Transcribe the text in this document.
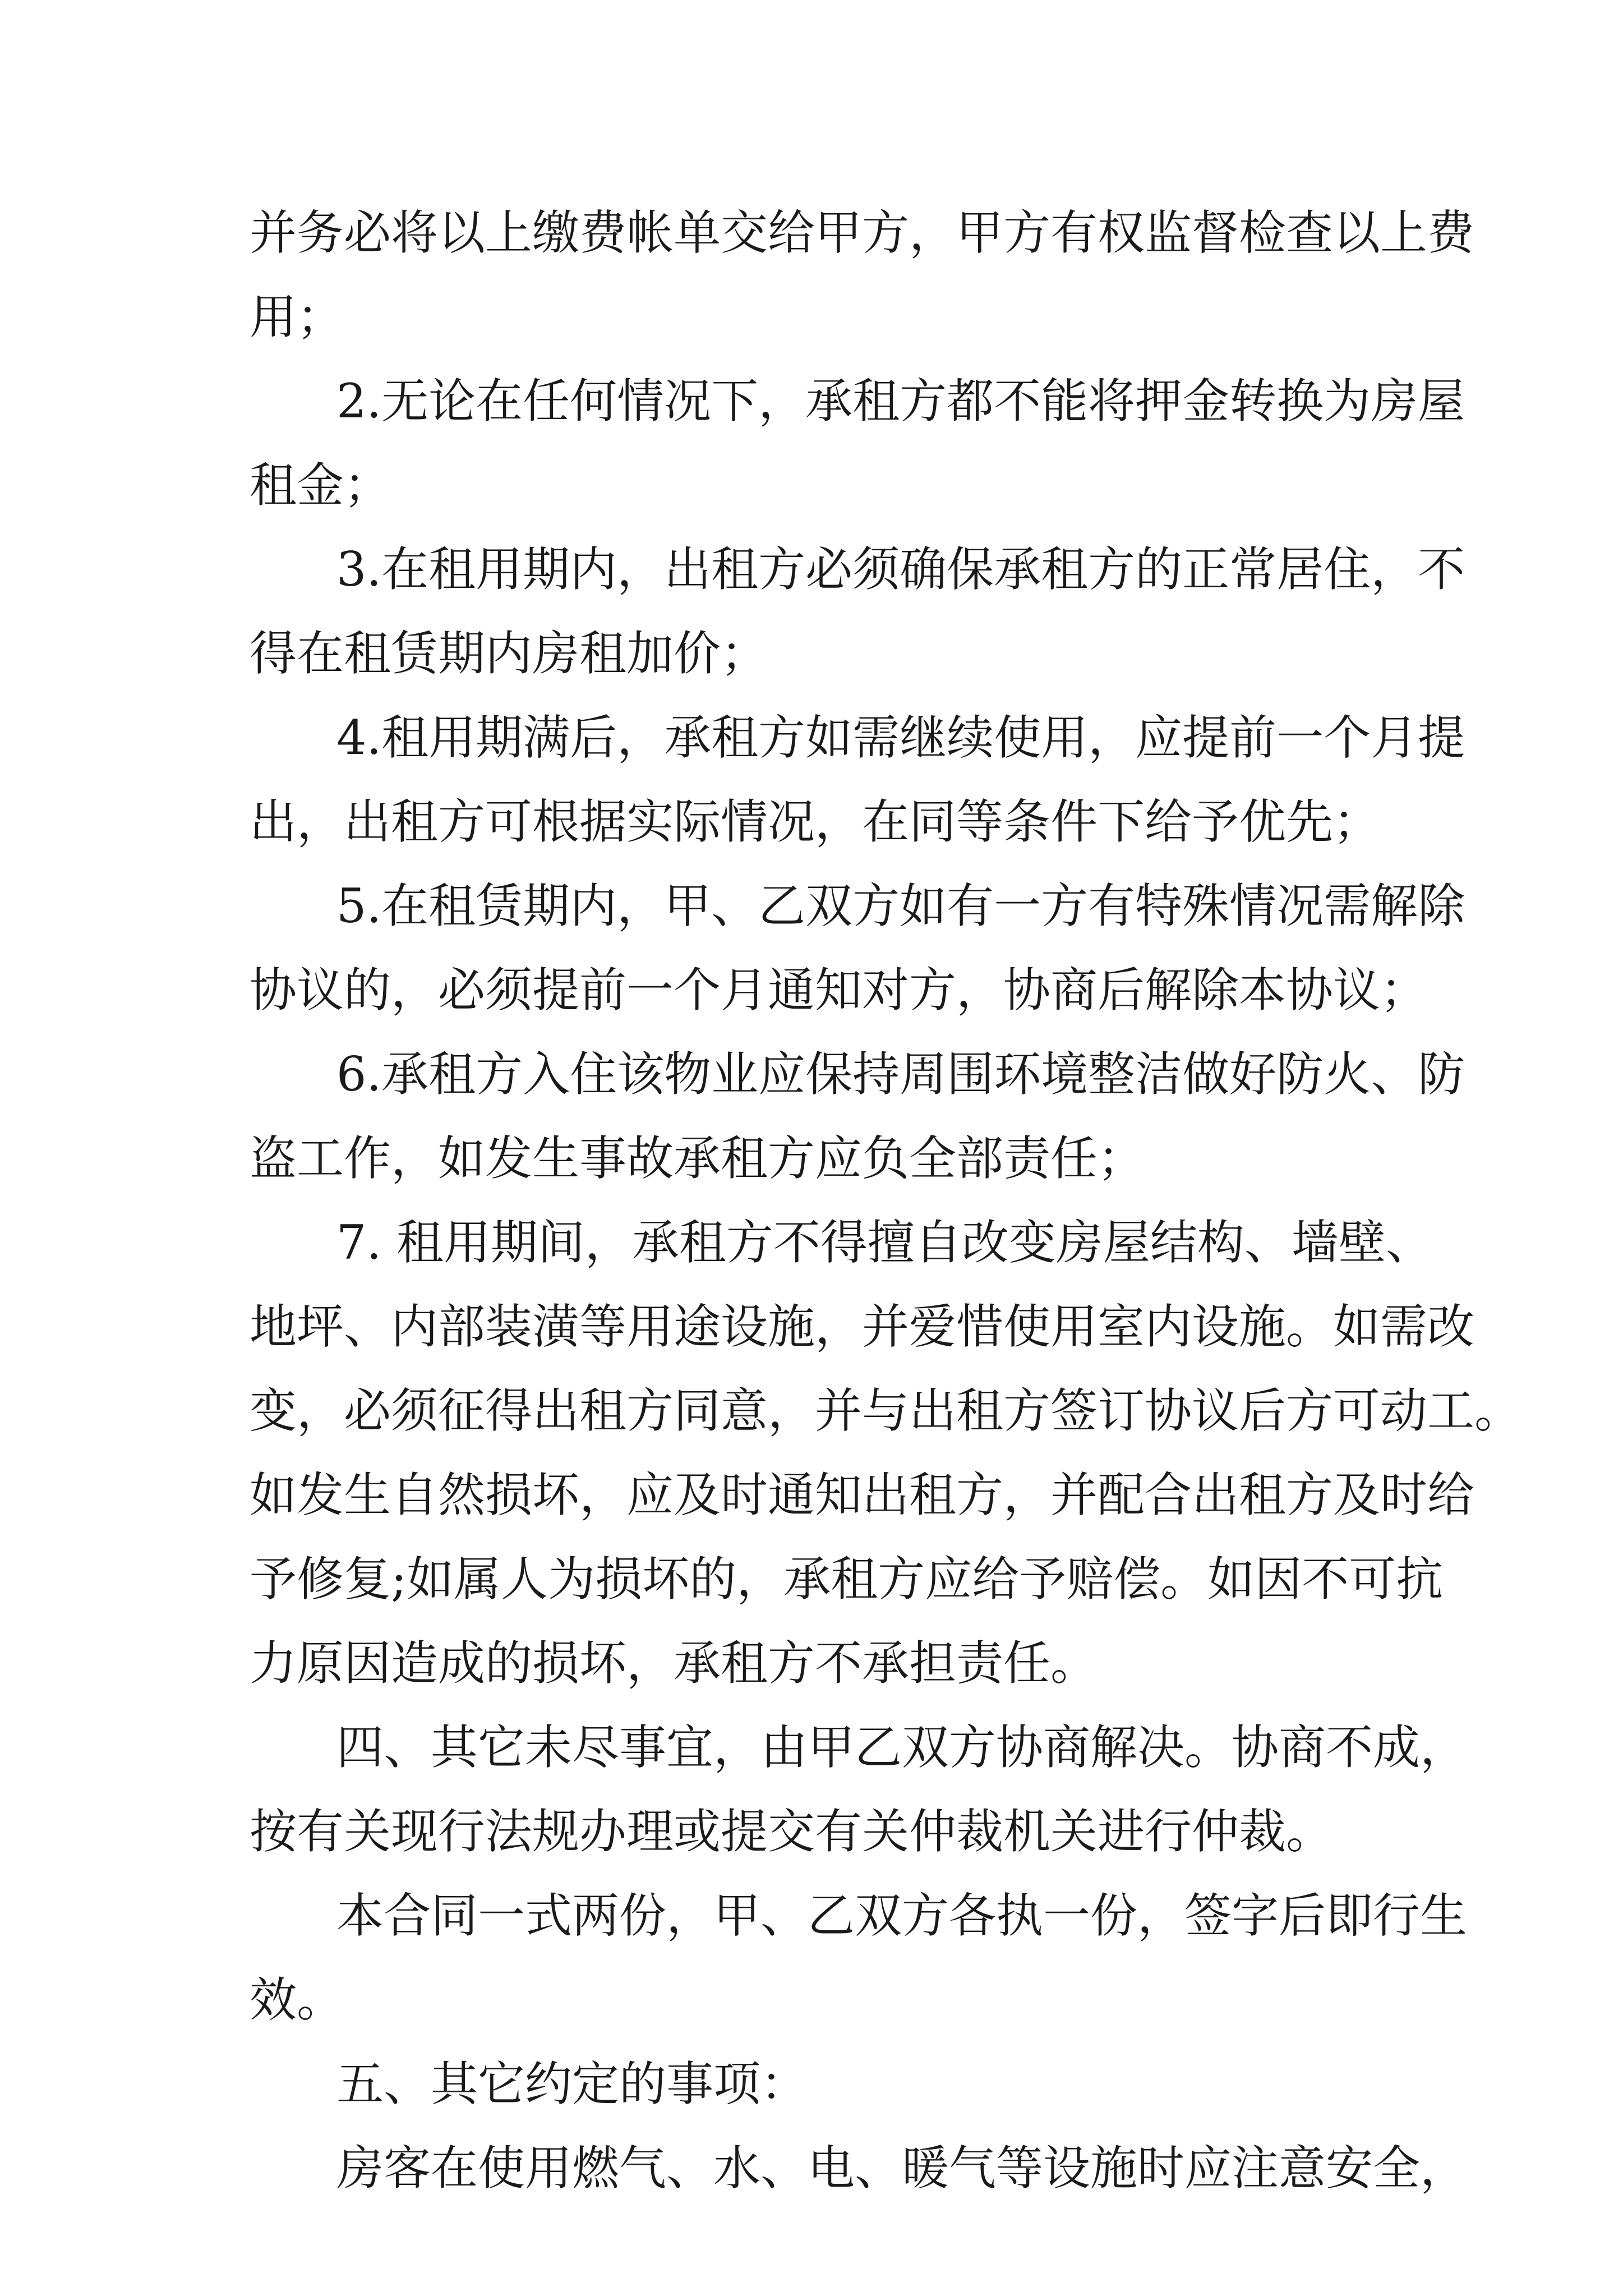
并务必将以上缴费帐单交给甲方，甲方有权监督检查以上费
用；
2.无论在任何情况下，承租方都不能将押金转换为房屋
租金；
3.在租用期内，出租方必须确保承租方的正常居住，不
得在租赁期内房租加价；
4.租用期满后，承租方如需继续使用，应提前一个月提
出，出租方可根据实际情况，在同等条件下给予优先；
5.在租赁期内，甲、乙双方如有一方有特殊情况需解除
协议的，必须提前一个月通知对方，协商后解除本协议；
6.承租方入住该物业应保持周围环境整洁做好防火、防
盗工作，如发生事故承租方应负全部责任；
7. 租用期间，承租方不得擅自改变房屋结构、墙壁、
地坪、内部装潢等用途设施，并爱惜使用室内设施。如需改
变，必须征得出租方同意，并与出租方签订协议后方可动工。
如发生自然损坏，应及时通知出租方，并配合出租方及时给
予修复;如属人为损坏的，承租方应给予赔偿。如因不可抗
力原因造成的损坏，承租方不承担责任。
四、其它未尽事宜，由甲乙双方协商解决。协商不成，
按有关现行法规办理或提交有关仲裁机关进行仲裁。
本合同一式两份，甲、乙双方各执一份，签字后即行生
效。
五、其它约定的事项：
房客在使用燃气、水、电、暖气等设施时应注意安全，
